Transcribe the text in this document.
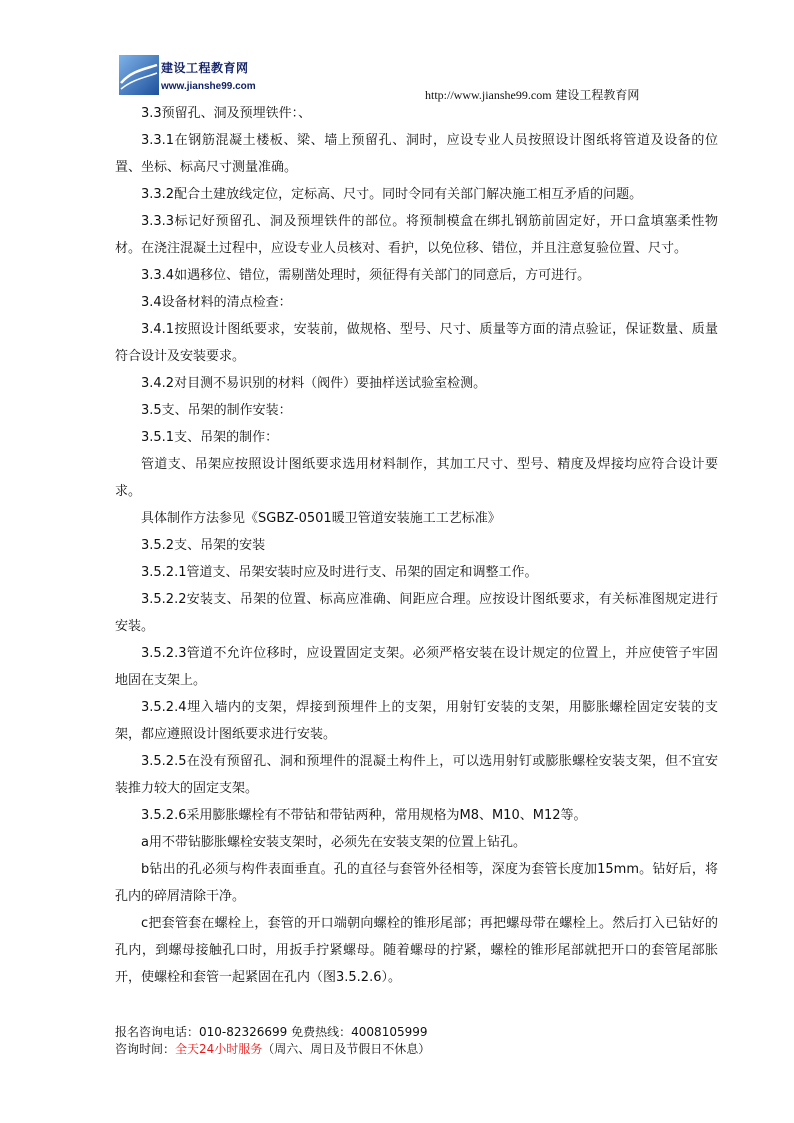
建设工程教育网
www.jianshe99.com
http://www.jianshe99.com 建设工程教育网

3.3预留孔、洞及预埋铁件：、

3.3.1在钢筋混凝土楼板、梁、墙上预留孔、洞时，应设专业人员按照设计图纸将管道及设备的位置、坐标、标高尺寸测量准确。

3.3.2配合土建放线定位，定标高、尺寸。同时令同有关部门解决施工相互矛盾的问题。

3.3.3标记好预留孔、洞及预埋铁件的部位。将预制模盒在绑扎钢筋前固定好，开口盒填塞柔性物材。在浇注混凝土过程中，应设专业人员核对、看护，以免位移、错位，并且注意复验位置、尺寸。

3.3.4如遇移位、错位，需剔凿处理时，须征得有关部门的同意后，方可进行。

3.4设备材料的清点检查：

3.4.1按照设计图纸要求，安装前，做规格、型号、尺寸、质量等方面的清点验证，保证数量、质量符合设计及安装要求。

3.4.2对目测不易识别的材料（阀件）要抽样送试验室检测。

3.5支、吊架的制作安装：

3.5.1支、吊架的制作：

管道支、吊架应按照设计图纸要求选用材料制作，其加工尺寸、型号、精度及焊接均应符合设计要求。

具体制作方法参见《SGBZ-0501暖卫管道安装施工工艺标准》

3.5.2支、吊架的安装

3.5.2.1管道支、吊架安装时应及时进行支、吊架的固定和调整工作。

3.5.2.2安装支、吊架的位置、标高应准确、间距应合理。应按设计图纸要求，有关标准图规定进行安装。

3.5.2.3管道不允许位移时，应设置固定支架。必须严格安装在设计规定的位置上，并应使管子牢固地固在支架上。

3.5.2.4埋入墙内的支架，焊接到预埋件上的支架，用射钉安装的支架，用膨胀螺栓固定安装的支架，都应遵照设计图纸要求进行安装。

3.5.2.5在没有预留孔、洞和预埋件的混凝土构件上，可以选用射钉或膨胀螺栓安装支架，但不宜安装推力较大的固定支架。

3.5.2.6采用膨胀螺栓有不带钻和带钻两种，常用规格为M8、M10、M12等。

a用不带钻膨胀螺栓安装支架时，必须先在安装支架的位置上钻孔。

b钻出的孔必须与构件表面垂直。孔的直径与套管外径相等，深度为套管长度加15mm。钻好后，将孔内的碎屑清除干净。

c把套管套在螺栓上，套管的开口端朝向螺栓的锥形尾部；再把螺母带在螺栓上。然后打入已钻好的孔内，到螺母接触孔口时，用扳手拧紧螺母。随着螺母的拧紧，螺栓的锥形尾部就把开口的套管尾部胀开，使螺栓和套管一起紧固在孔内（图3.5.2.6）。

报名咨询电话：010-82326699 免费热线：4008105999
咨询时间：全天24小时服务（周六、周日及节假日不休息）
